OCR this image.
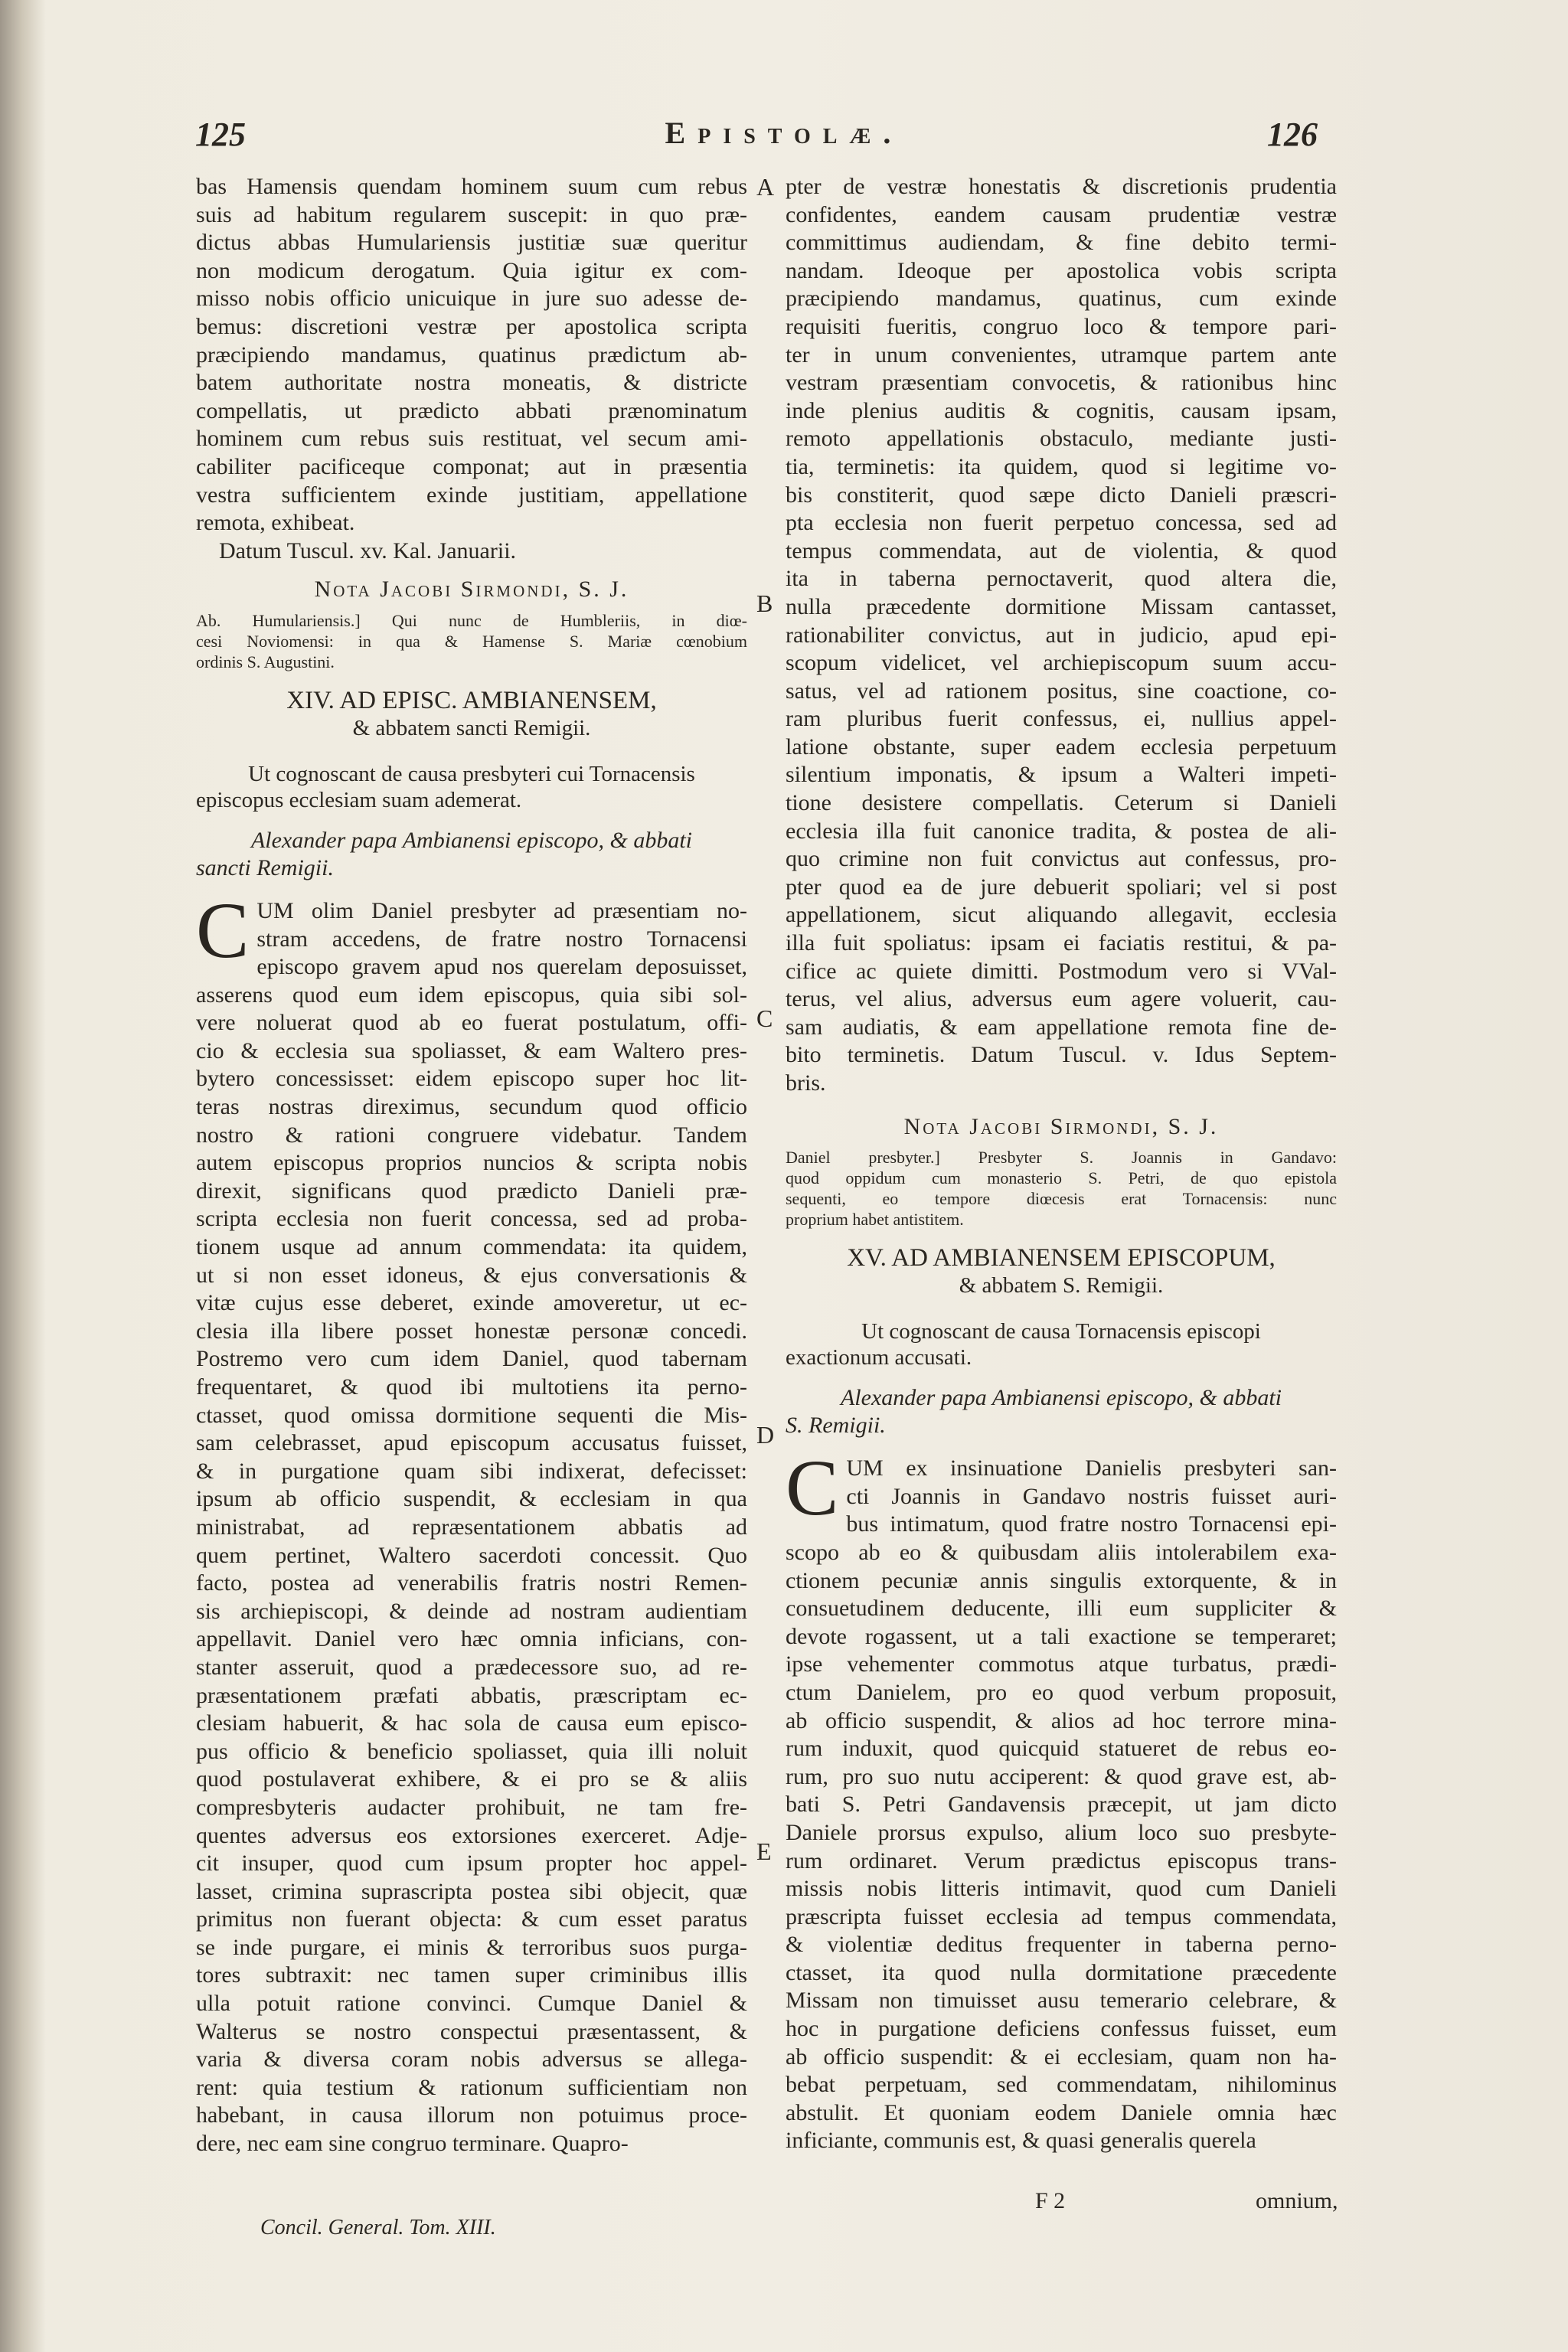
125	Epistolæ.	126
bas Hamensis quendam hominem suum cum rebus
suis ad habitum regularem suscepit: in quo præ-
dictus abbas Humulariensis justitiæ suæ queritur
non modicum derogatum. Quia igitur ex com-
misso nobis officio unicuique in jure suo adesse de-
bemus: discretioni vestræ per apostolica scripta
præcipiendo mandamus, quatinus prædictum ab-
batem authoritate nostra moneatis, & districte
compellatis, ut prædicto abbati prænominatum
hominem cum rebus suis restituat, vel secum ami-
cabiliter pacificeque componat; aut in præsentia
vestra sufficientem exinde justitiam, appellatione
remota, exhibeat.
Datum Tuscul. xv. Kal. Januarii.
Nota Jacobi Sirmondi, S. J.
Ab. Humulariensis.] Qui nunc de Humbleriis, in diœ-
cesi Noviomensi: in qua & Hamense S. Mariæ cœnobium
ordinis S. Augustini.
XIV. AD EPISC. AMBIANENSEM,
& abbatem sancti Remigii.
Ut cognoscant de causa presbyteri cui Tornacensis
episcopus ecclesiam suam ademerat.
Alexander papa Ambianensi episcopo, & abbati
sancti Remigii.
C UM olim Daniel presbyter ad præsentiam no-
stram accedens, de fratre nostro Tornacensi
episcopo gravem apud nos querelam deposuisset,
asserens quod eum idem episcopus, quia sibi sol-
vere noluerat quod ab eo fuerat postulatum, offi-
cio & ecclesia sua spoliasset, & eam Waltero pres-
bytero concessisset: eidem episcopo super hoc lit-
teras nostras direximus, secundum quod officio
nostro & rationi congruere videbatur. Tandem
autem episcopus proprios nuncios & scripta nobis
direxit, significans quod prædicto Danieli præ-
scripta ecclesia non fuerit concessa, sed ad proba-
tionem usque ad annum commendata: ita quidem,
ut si non esset idoneus, & ejus conversationis &
vitæ cujus esse deberet, exinde amoveretur, ut ec-
clesia illa libere posset honestæ personæ concedi.
Postremo vero cum idem Daniel, quod tabernam
frequentaret, & quod ibi multotiens ita perno-
ctasset, quod omissa dormitione sequenti die Mis-
sam celebrasset, apud episcopum accusatus fuisset,
& in purgatione quam sibi indixerat, defecisset:
ipsum ab officio suspendit, & ecclesiam in qua
ministrabat, ad repræsentationem abbatis ad
quem pertinet, Waltero sacerdoti concessit. Quo
facto, postea ad venerabilis fratris nostri Remen-
sis archiepiscopi, & deinde ad nostram audientiam
appellavit. Daniel vero hæc omnia inficians, con-
stanter asseruit, quod a prædecessore suo, ad re-
præsentationem præfati abbatis, præscriptam ec-
clesiam habuerit, & hac sola de causa eum episco-
pus officio & beneficio spoliasset, quia illi noluit
quod postulaverat exhibere, & ei pro se & aliis
compresbyteris audacter prohibuit, ne tam fre-
quentes adversus eos extorsiones exerceret. Adje-
cit insuper, quod cum ipsum propter hoc appel-
lasset, crimina suprascripta postea sibi objecit, quæ
primitus non fuerant objecta: & cum esset paratus
se inde purgare, ei minis & terroribus suos purga-
tores subtraxit: nec tamen super criminibus illis
ulla potuit ratione convinci. Cumque Daniel &
Walterus se nostro conspectui præsentassent, &
varia & diversa coram nobis adversus se allega-
rent: quia testium & rationum sufficientiam non
habebant, in causa illorum non potuimus proce-
dere, nec eam sine congruo terminare. Quapro-
pter de vestræ honestatis & discretionis prudentia
confidentes, eandem causam prudentiæ vestræ
committimus audiendam, & fine debito termi-
nandam. Ideoque per apostolica vobis scripta
præcipiendo mandamus, quatinus, cum exinde
requisiti fueritis, congruo loco & tempore pari-
ter in unum convenientes, utramque partem ante
vestram præsentiam convocetis, & rationibus hinc
inde plenius auditis & cognitis, causam ipsam,
remoto appellationis obstaculo, mediante justi-
tia, terminetis: ita quidem, quod si legitime vo-
bis constiterit, quod sæpe dicto Danieli præscri-
pta ecclesia non fuerit perpetuo concessa, sed ad
tempus commendata, aut de violentia, & quod
ita in taberna pernoctaverit, quod altera die,
nulla præcedente dormitione Missam cantasset,
rationabiliter convictus, aut in judicio, apud epi-
scopum videlicet, vel archiepiscopum suum accu-
satus, vel ad rationem positus, sine coactione, co-
ram pluribus fuerit confessus, ei, nullius appel-
latione obstante, super eadem ecclesia perpetuum
silentium imponatis, & ipsum a Walteri impeti-
tione desistere compellatis. Ceterum si Danieli
ecclesia illa fuit canonice tradita, & postea de ali-
quo crimine non fuit convictus aut confessus, pro-
pter quod ea de jure debuerit spoliari; vel si post
appellationem, sicut aliquando allegavit, ecclesia
illa fuit spoliatus: ipsam ei faciatis restitui, & pa-
cifice ac quiete dimitti. Postmodum vero si VVal-
terus, vel alius, adversus eum agere voluerit, cau-
sam audiatis, & eam appellatione remota fine de-
bito terminetis. Datum Tuscul. v. Idus Septem-
bris.
Nota Jacobi Sirmondi, S. J.
Daniel presbyter.] Presbyter S. Joannis in Gandavo:
quod oppidum cum monasterio S. Petri, de quo epistola
sequenti, eo tempore diœcesis erat Tornacensis: nunc
proprium habet antistitem.
XV. AD AMBIANENSEM EPISCOPUM,
& abbatem S. Remigii.
Ut cognoscant de causa Tornacensis episcopi
exactionum accusati.
Alexander papa Ambianensi episcopo, & abbati
S. Remigii.
C UM ex insinuatione Danielis presbyteri san-
cti Joannis in Gandavo nostris fuisset auri-
bus intimatum, quod fratre nostro Tornacensi epi-
scopo ab eo & quibusdam aliis intolerabilem exa-
ctionem pecuniæ annis singulis extorquente, & in
consuetudinem deducente, illi eum suppliciter &
devote rogassent, ut a tali exactione se temperaret;
ipse vehementer commotus atque turbatus, prædi-
ctum Danielem, pro eo quod verbum proposuit,
ab officio suspendit, & alios ad hoc terrore mina-
rum induxit, quod quicquid statueret de rebus eo-
rum, pro suo nutu acciperent: & quod grave est, ab-
bati S. Petri Gandavensis præcepit, ut jam dicto
Daniele prorsus expulso, alium loco suo presbyte-
rum ordinaret. Verum prædictus episcopus trans-
missis nobis litteris intimavit, quod cum Danieli
præscripta fuisset ecclesia ad tempus commendata,
& violentiæ deditus frequenter in taberna perno-
ctasset, ita quod nulla dormitatione præcedente
Missam non timuisset ausu temerario celebrare, &
hoc in purgatione deficiens confessus fuisset, eum
ab officio suspendit: & ei ecclesiam, quam non ha-
bebat perpetuam, sed commendatam, nihilominus
abstulit. Et quoniam eodem Daniele omnia hæc
inficiante, communis est, & quasi generalis querela
A
B
C
D
E
Concil. General. Tom. XIII.
F 2	omnium,
